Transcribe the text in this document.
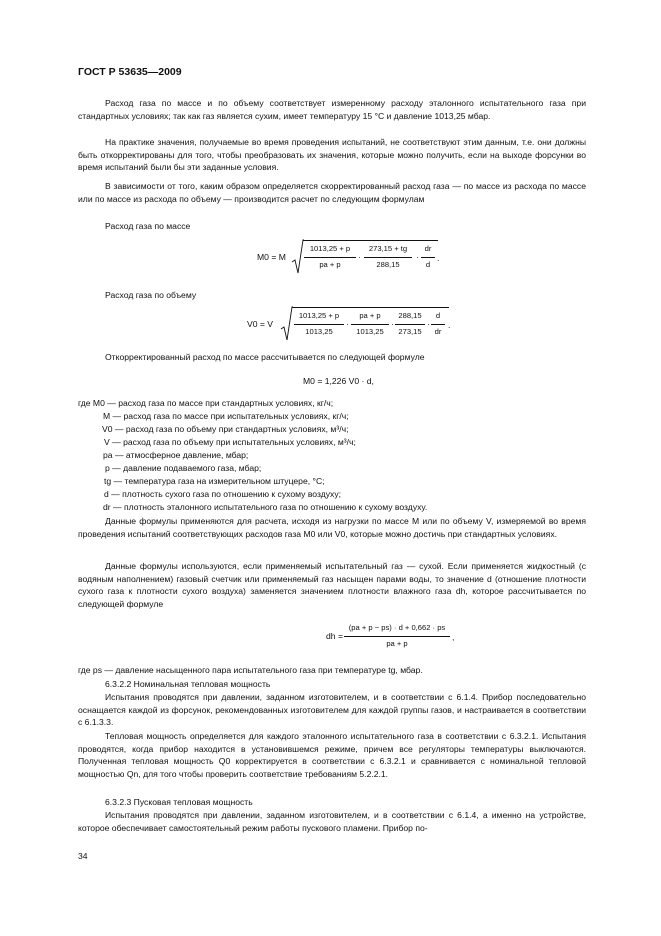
ГОСТ Р 53635—2009
Расход газа по массе и по объему соответствует измеренному расходу эталонного испытательного газа при стандартных условиях; так как газ является сухим, имеет температуру 15 °С и давление 1013,25 мбар.
На практике значения, получаемые во время проведения испытаний, не соответствуют этим данным, т.е. они должны быть откорректированы для того, чтобы преобразовать их значения, которые можно получить, если на выходе форсунки во время испытаний были бы эти заданные условия.
В зависимости от того, каким образом определяется скорректированный расход газа — по массе из расхода по массе или по массе из расхода по объему — производится расчет по следующим формулам
Расход газа по массе
M0 = M
1013,25 + p
pa + p
·
273,15 + tg
288,15
·
dr
d
.
Расход газа по объему
V0 = V
1013,25 + p
1013,25
·
pa + p
1013,25
·
288,15
273,15
·
d
dr
.
Откорректированный расход по массе рассчитывается по следующей формуле
M0 = 1,226 V0 · d,
где M0 — расход газа по массе при стандартных условиях, кг/ч;
M — расход газа по массе при испытательных условиях, кг/ч;
V0 — расход газа по объему при стандартных условиях, м³/ч;
V — расход газа по объему при испытательных условиях, м³/ч;
pa — атмосферное давление, мбар;
p — давление подаваемого газа, мбар;
tg — температура газа на измерительном штуцере, °С;
d — плотность сухого газа по отношению к сухому воздуху;
dr — плотность эталонного испытательного газа по отношению к сухому воздуху.
Данные формулы применяются для расчета, исходя из нагрузки по массе M или по объему V, измеряемой во время проведения испытаний соответствующих расходов газа M0 или V0, которые можно достичь при стандартных условиях.
Данные формулы используются, если применяемый испытательный газ — сухой. Если применяется жидкостный (с водяным наполнением) газовый счетчик или применяемый газ насыщен парами воды, то значение d (отношение плотности сухого газа к плотности сухого воздуха) заменяется значением плотности влажного газа dh, которое рассчитывается по следующей формуле
dh =
(pa + p − ps) · d + 0,662 · ps
pa + p
,
где ps — давление насыщенного пара испытательного газа при температуре tg, мбар.
6.3.2.2 Номинальная тепловая мощность
Испытания проводятся при давлении, заданном изготовителем, и в соответствии с 6.1.4. Прибор последовательно оснащается каждой из форсунок, рекомендованных изготовителем для каждой группы газов, и настраивается в соответствии с 6.1.3.3.
Тепловая мощность определяется для каждого эталонного испытательного газа в соответствии с 6.3.2.1. Испытания проводятся, когда прибор находится в установившемся режиме, причем все регуляторы температуры выключаются. Полученная тепловая мощность Q0 корректируется в соответствии с 6.3.2.1 и сравнивается с номинальной тепловой мощностью Qn, для того чтобы проверить соответствие требованиям 5.2.2.1.
6.3.2.3 Пусковая тепловая мощность
Испытания проводятся при давлении, заданном изготовителем, и в соответствии с 6.1.4, а именно на устройстве, которое обеспечивает самостоятельный режим работы пускового пламени. Прибор по-
34
